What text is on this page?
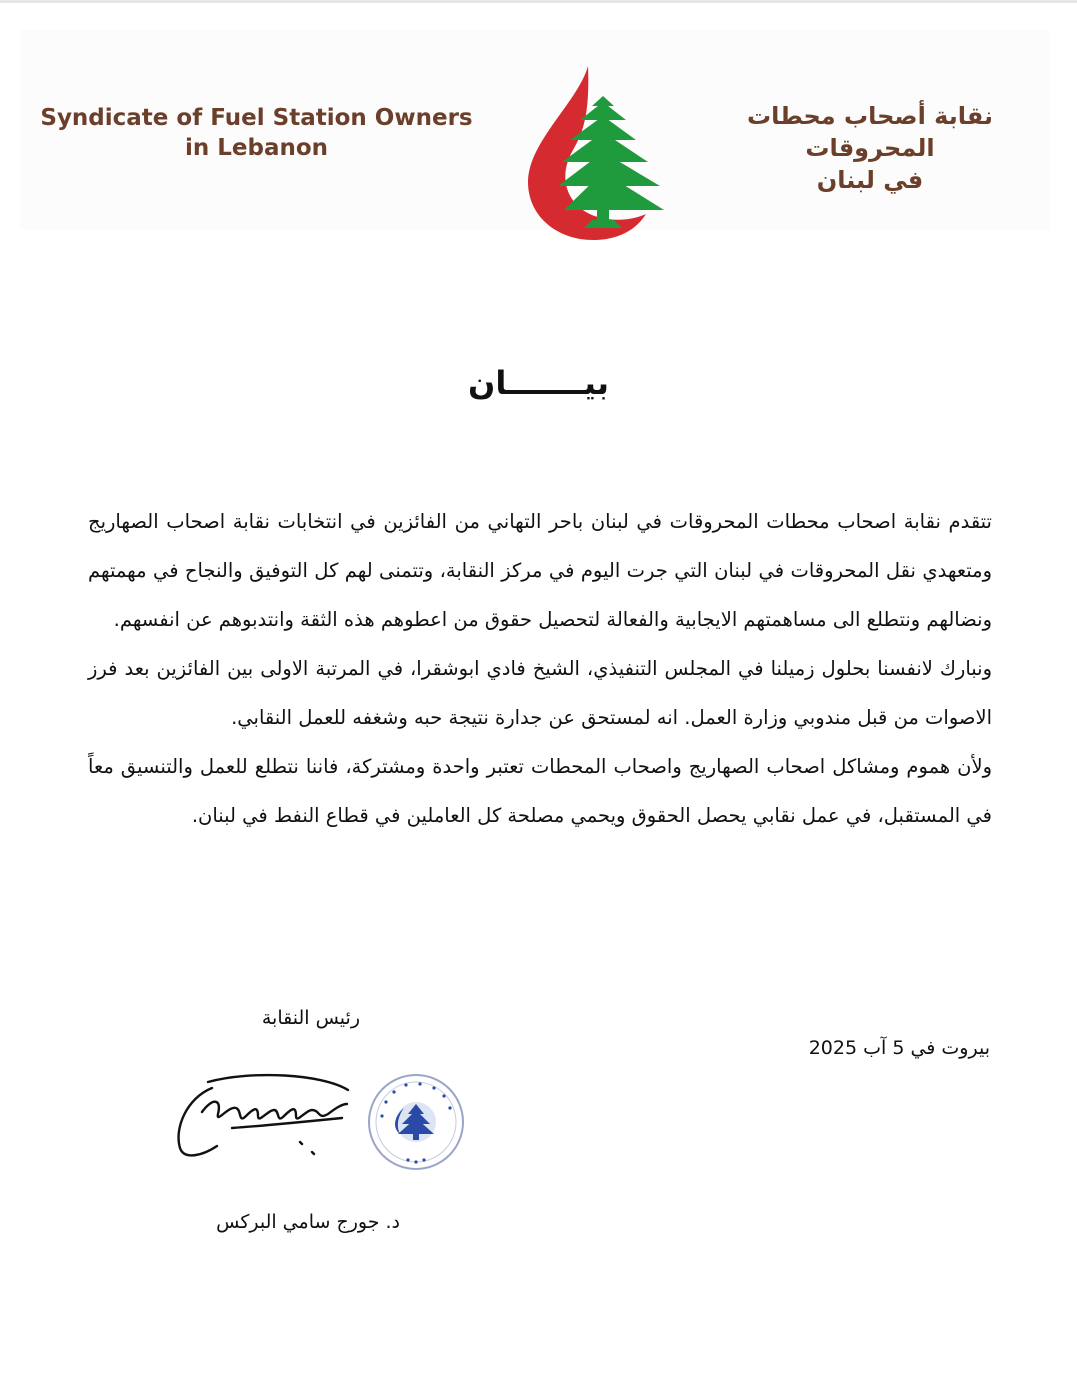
Syndicate of Fuel Station Owners
in Lebanon
نقابة أصحاب محطات المحروقات
في لبنان
بيـــــــان

تتقدم نقابة اصحاب محطات المحروقات في لبنان باحر التهاني من الفائزين في انتخابات نقابة اصحاب الصهاريج ومتعهدي نقل المحروقات في لبنان التي جرت اليوم في مركز النقابة، وتتمنى لهم كل التوفيق والنجاح في مهمتهم ونضالهم ونتطلع الى مساهمتهم الايجابية والفعالة لتحصيل حقوق من اعطوهم هذه الثقة وانتدبوهم عن انفسهم.

ونبارك لانفسنا بحلول زميلنا في المجلس التنفيذي، الشيخ فادي ابوشقرا، في المرتبة الاولى بين الفائزين بعد فرز الاصوات من قبل مندوبي وزارة العمل. انه لمستحق عن جدارة نتيجة حبه وشغفه للعمل النقابي.

ولأن هموم ومشاكل اصحاب الصهاريج واصحاب المحطات تعتبر واحدة ومشتركة، فاننا نتطلع للعمل والتنسيق معاً في المستقبل، في عمل نقابي يحصل الحقوق ويحمي مصلحة كل العاملين في قطاع النفط في لبنان.

رئيس النقابة
بيروت في 5 آب 2025
د. جورج سامي البركس
